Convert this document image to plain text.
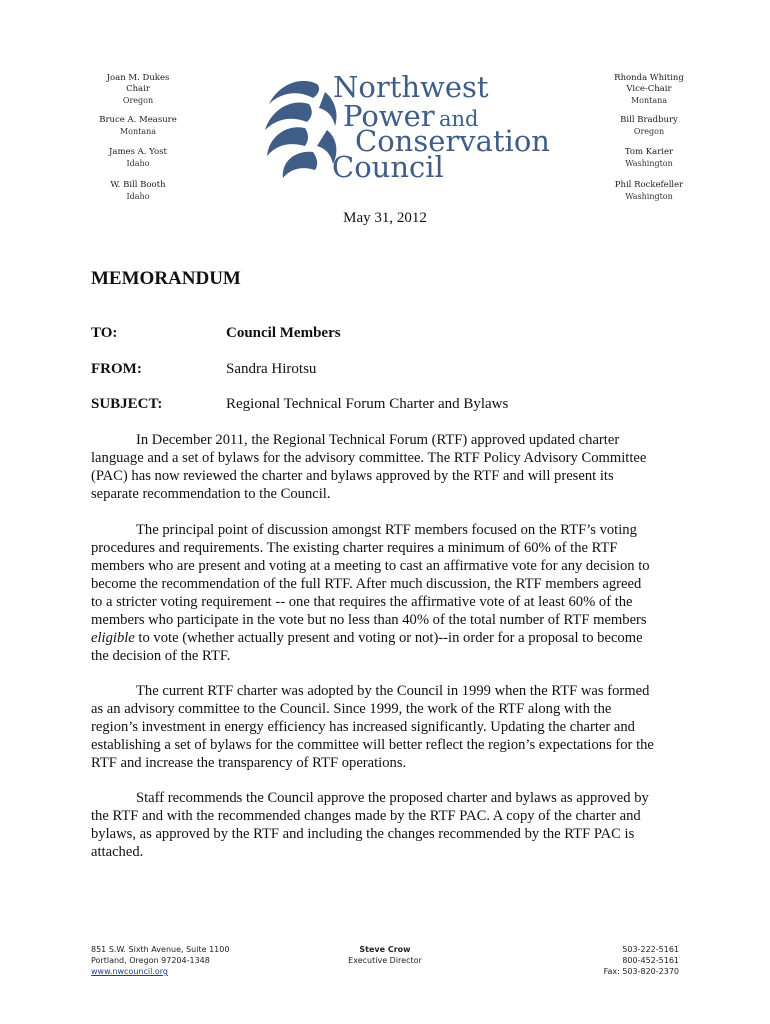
Joan M. Dukes
Chair
Oregon
Bruce A. Measure
Montana
James A. Yost
Idaho
W. Bill Booth
Idaho
Rhonda Whiting
Vice-Chair
Montana
Bill Bradbury
Oregon
Tom Karier
Washington
Phil Rockefeller
Washington
Northwest
Power and
Conservation
Council
May 31, 2012
MEMORANDUM
TO:	Council Members
FROM:	Sandra Hirotsu
SUBJECT:	Regional Technical Forum Charter and Bylaws
In December 2011, the Regional Technical Forum (RTF) approved updated charter
language and a set of bylaws for the advisory committee. The RTF Policy Advisory Committee
(PAC) has now reviewed the charter and bylaws approved by the RTF and will present its
separate recommendation to the Council.
The principal point of discussion amongst RTF members focused on the RTF’s voting
procedures and requirements. The existing charter requires a minimum of 60% of the RTF
members who are present and voting at a meeting to cast an affirmative vote for any decision to
become the recommendation of the full RTF. After much discussion, the RTF members agreed
to a stricter voting requirement -- one that requires the affirmative vote of at least 60% of the
members who participate in the vote but no less than 40% of the total number of RTF members
eligible to vote (whether actually present and voting or not)--in order for a proposal to become
the decision of the RTF.
The current RTF charter was adopted by the Council in 1999 when the RTF was formed
as an advisory committee to the Council. Since 1999, the work of the RTF along with the
region’s investment in energy efficiency has increased significantly. Updating the charter and
establishing a set of bylaws for the committee will better reflect the region’s expectations for the
RTF and increase the transparency of RTF operations.
Staff recommends the Council approve the proposed charter and bylaws as approved by
the RTF and with the recommended changes made by the RTF PAC. A copy of the charter and
bylaws, as approved by the RTF and including the changes recommended by the RTF PAC is
attached.
851 S.W. Sixth Avenue, Suite 1100
Portland, Oregon 97204-1348
www.nwcouncil.org
Steve Crow
Executive Director
503-222-5161
800-452-5161
Fax: 503-820-2370
